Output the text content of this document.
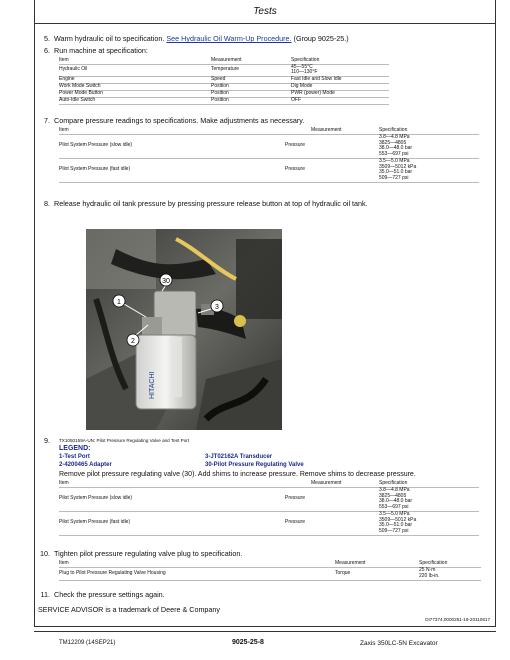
Tests
5. Warm hydraulic oil to specification. See Hydraulic Oil Warm-Up Procedure. (Group 9025-25.)
6. Run machine at specification:
Item	Measurement	Specification
Hydraulic Oil	Temperature	45—55°C
110—130°F
Engine	Speed	Fast Idle and Slow Idle
Work Mode Switch	Position	Dig Mode
Power Mode Button	Position	PWR (power) Mode
Auto-Idle Switch	Position	OFF
7. Compare pressure readings to specifications. Make adjustments as necessary.
Item	Measurement	Specification
Pilot System Pressure (slow idle)	Pressure
3.8—4.8 MPa
3825—4805
38.0—48.0 bar
553—697 psi
Pilot System Pressure (fast idle)	Pressure
3.5—5.0 MPa
3509—5012 kPa
35.0—51.0 bar
509—727 psi
8. Release hydraulic oil tank pressure by pressing pressure release button at top of hydraulic oil tank.
HITACHI
30
1
3
2
9.	TX1050159A-UN: Pilot Pressure Regulating Valve and Test Port
LEGEND:
1-Test Port	3-JT02162A Transducer
2-4200465 Adapter	30-Pilot Pressure Regulating Valve
Remove pilot pressure regulating valve (30). Add shims to increase pressure. Remove shims to decrease pressure.
Item	Measurement	Specification
Pilot System Pressure (slow idle)	Pressure
3.8—4.8 MPa
3825—4805
38.0—48.0 bar
553—697 psi
Pilot System Pressure (fast idle)	Pressure
3.5—5.0 MPa
3509—5012 kPa
35.0—51.0 bar
509—727 psi
10. Tighten pilot pressure regulating valve plug to specification.
Item	Measurement	Specification
Plug to Pilot Pressure Regulating Valve Housing	Torque	25 N·m
220 lb-in.
11. Check the pressure settings again.
SERVICE ADVISOR is a trademark of Deere & Company
DI77374,0000251-19-20110817
TM12209 (14SEP21)	9025-25-8	Zaxis 350LC-5N Excavator
